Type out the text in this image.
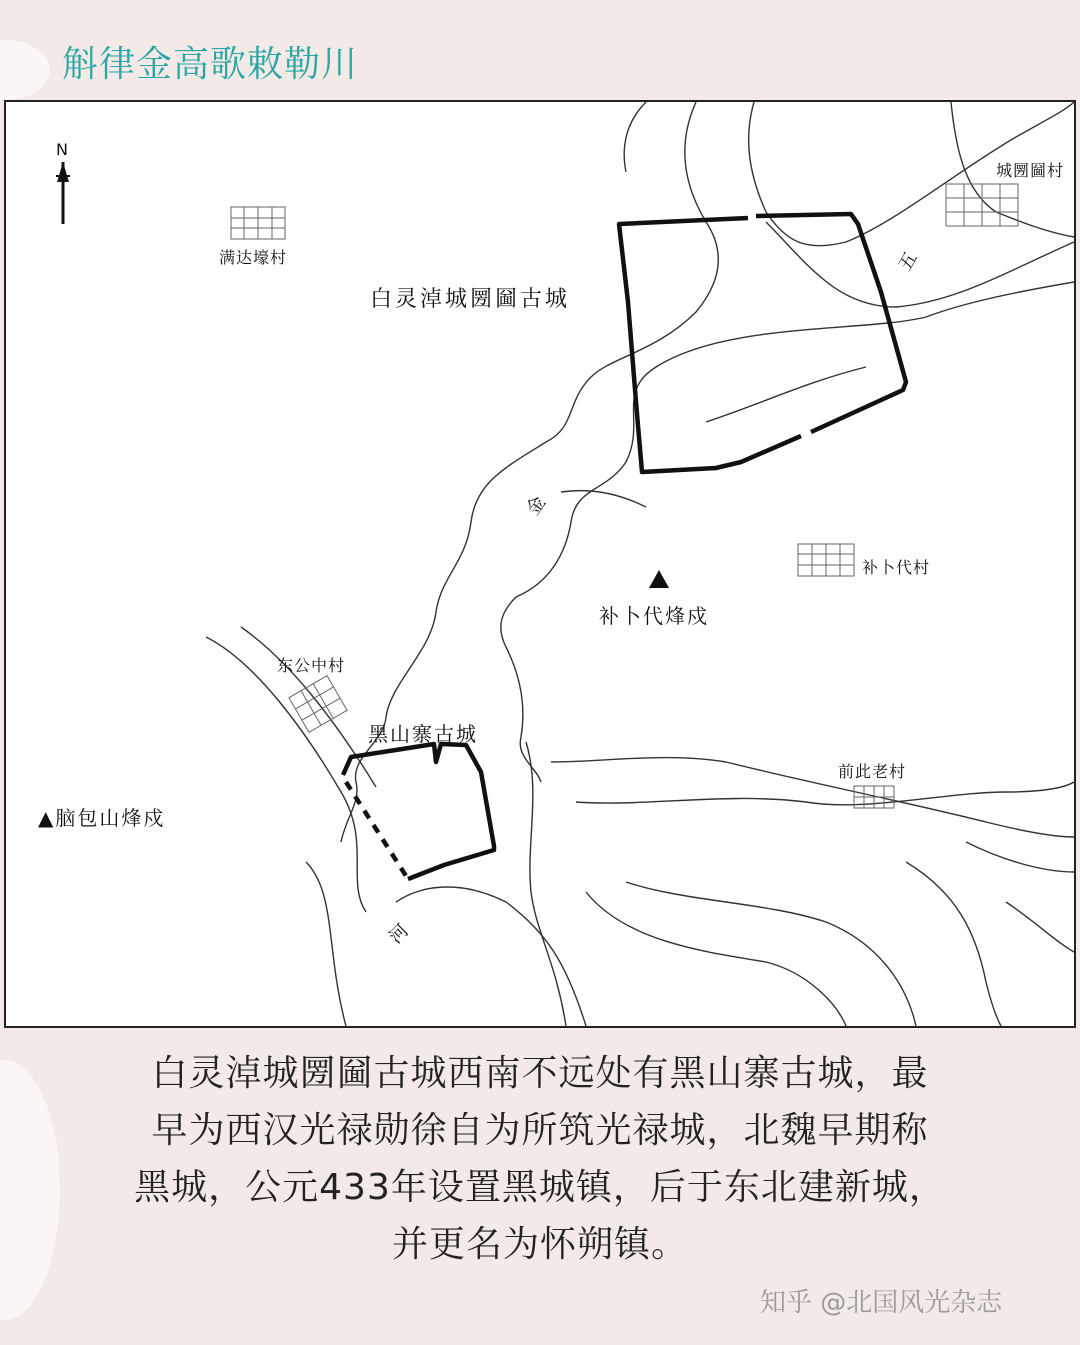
斛律金高歌敕勒川
N
满达壕村
城圐圙村
补卜代村
东公中村
前此老村
白灵淖城圐圙古城
黑山寨古城
补卜代烽戍
▲脑包山烽戍
五
金
河
白灵淖城圐圙古城西南不远处有黑山寨古城，最
早为西汉光禄勋徐自为所筑光禄城，北魏早期称
黑城，公元433年设置黑城镇，后于东北建新城，
并更名为怀朔镇。
知乎 @北国风光杂志
